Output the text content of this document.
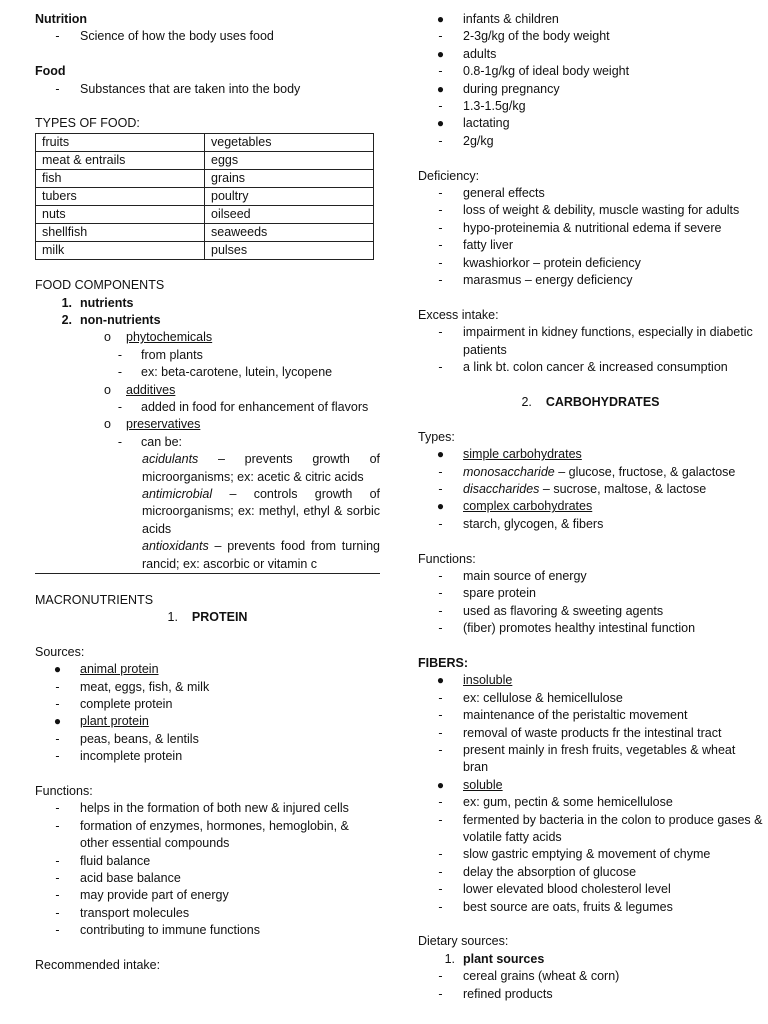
Nutrition
-	Science of how the body uses food
Food
-	Substances that are taken into the body
TYPES OF FOOD:
fruits	vegetables
meat & entrails	eggs
fish	grains
tubers	poultry
nuts	oilseed
shellfish	seaweeds
milk	pulses
FOOD COMPONENTS
1. nutrients
2. non-nutrients
o	phytochemicals
-	from plants
-	ex: beta-carotene, lutein, lycopene
o	additives
-	added in food for enhancement of flavors
o	preservatives
-	can be:
acidulants – prevents growth of microorganisms; ex: acetic & citric acids
antimicrobial – controls growth of microorganisms; ex: methyl, ethyl & sorbic acids
antioxidants – prevents food from turning rancid; ex: ascorbic or vitamin c
MACRONUTRIENTS
1. PROTEIN
Sources:
●	animal protein
-	meat, eggs, fish, & milk
-	complete protein
●	plant protein
-	peas, beans, & lentils
-	incomplete protein
Functions:
-	helps in the formation of both new & injured cells
-	formation of enzymes, hormones, hemoglobin, & other essential compounds
-	fluid balance
-	acid base balance
-	may provide part of energy
-	transport molecules
-	contributing to immune functions
Recommended intake:
●	infants & children
-	2-3g/kg of the body weight
●	adults
-	0.8-1g/kg of ideal body weight
●	during pregnancy
-	1.3-1.5g/kg
●	lactating
-	2g/kg
Deficiency:
-	general effects
-	loss of weight & debility, muscle wasting for adults
-	hypo-proteinemia & nutritional edema if severe
-	fatty liver
-	kwashiorkor – protein deficiency
-	marasmus – energy deficiency
Excess intake:
-	impairment in kidney functions, especially in diabetic patients
-	a link bt. colon cancer & increased consumption
2. CARBOHYDRATES
Types:
●	simple carbohydrates
-	monosaccharide – glucose, fructose, & galactose
-	disaccharides – sucrose, maltose, & lactose
●	complex carbohydrates
-	starch, glycogen, & fibers
Functions:
-	main source of energy
-	spare protein
-	used as flavoring & sweeting agents
-	(fiber) promotes healthy intestinal function
FIBERS:
●	insoluble
-	ex: cellulose & hemicellulose
-	maintenance of the peristaltic movement
-	removal of waste products fr the intestinal tract
-	present mainly in fresh fruits, vegetables & wheat bran
●	soluble
-	ex: gum, pectin & some hemicellulose
-	fermented by bacteria in the colon to produce gases & volatile fatty acids
-	slow gastric emptying & movement of chyme
-	delay the absorption of glucose
-	lower elevated blood cholesterol level
-	best source are oats, fruits & legumes
Dietary sources:
1. plant sources
-	cereal grains (wheat & corn)
-	refined products
